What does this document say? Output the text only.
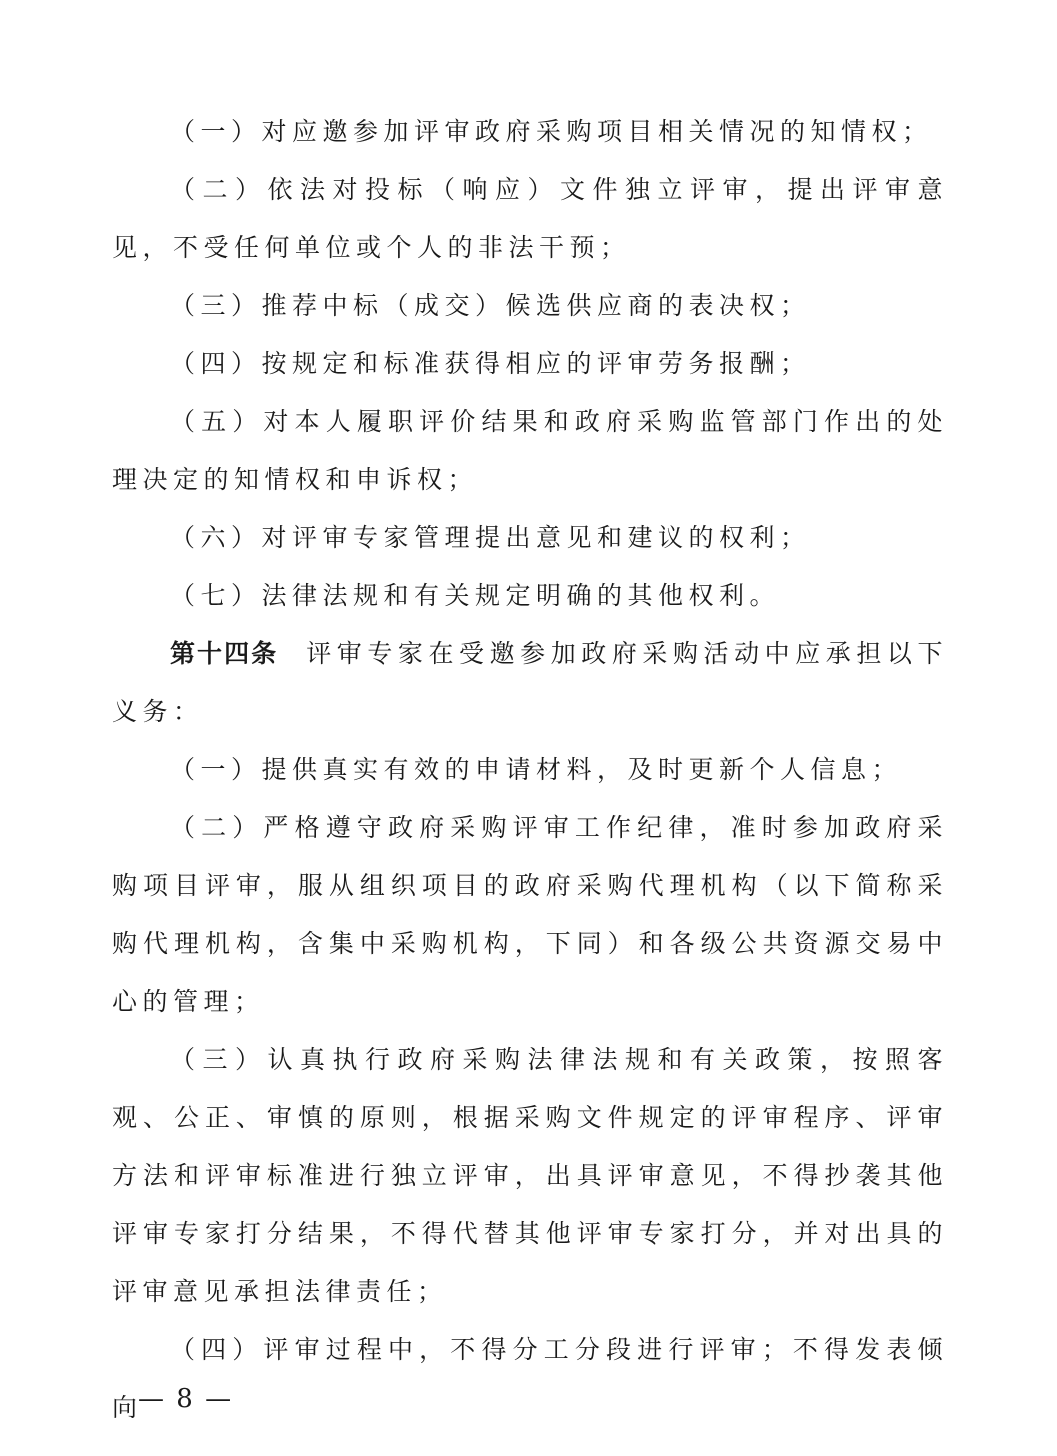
（一）对应邀参加评审政府采购项目相关情况的知情权；

（二）依法对投标（响应）文件独立评审，提出评审意见，不受任何单位或个人的非法干预；

（三）推荐中标（成交）候选供应商的表决权；

（四）按规定和标准获得相应的评审劳务报酬；

（五）对本人履职评价结果和政府采购监管部门作出的处理决定的知情权和申诉权；

（六）对评审专家管理提出意见和建议的权利；

（七）法律法规和有关规定明确的其他权利。

第十四条 评审专家在受邀参加政府采购活动中应承担以下义务：

（一）提供真实有效的申请材料，及时更新个人信息；

（二）严格遵守政府采购评审工作纪律，准时参加政府采购项目评审，服从组织项目的政府采购代理机构（以下简称采购代理机构，含集中采购机构，下同）和各级公共资源交易中心的管理；

（三）认真执行政府采购法律法规和有关政策，按照客观、公正、审慎的原则，根据采购文件规定的评审程序、评审方法和评审标准进行独立评审，出具评审意见，不得抄袭其他评审专家打分结果，不得代替其他评审专家打分，并对出具的评审意见承担法律责任；

（四）评审过程中，不得分工分段进行评审；不得发表倾向

— 8 —
